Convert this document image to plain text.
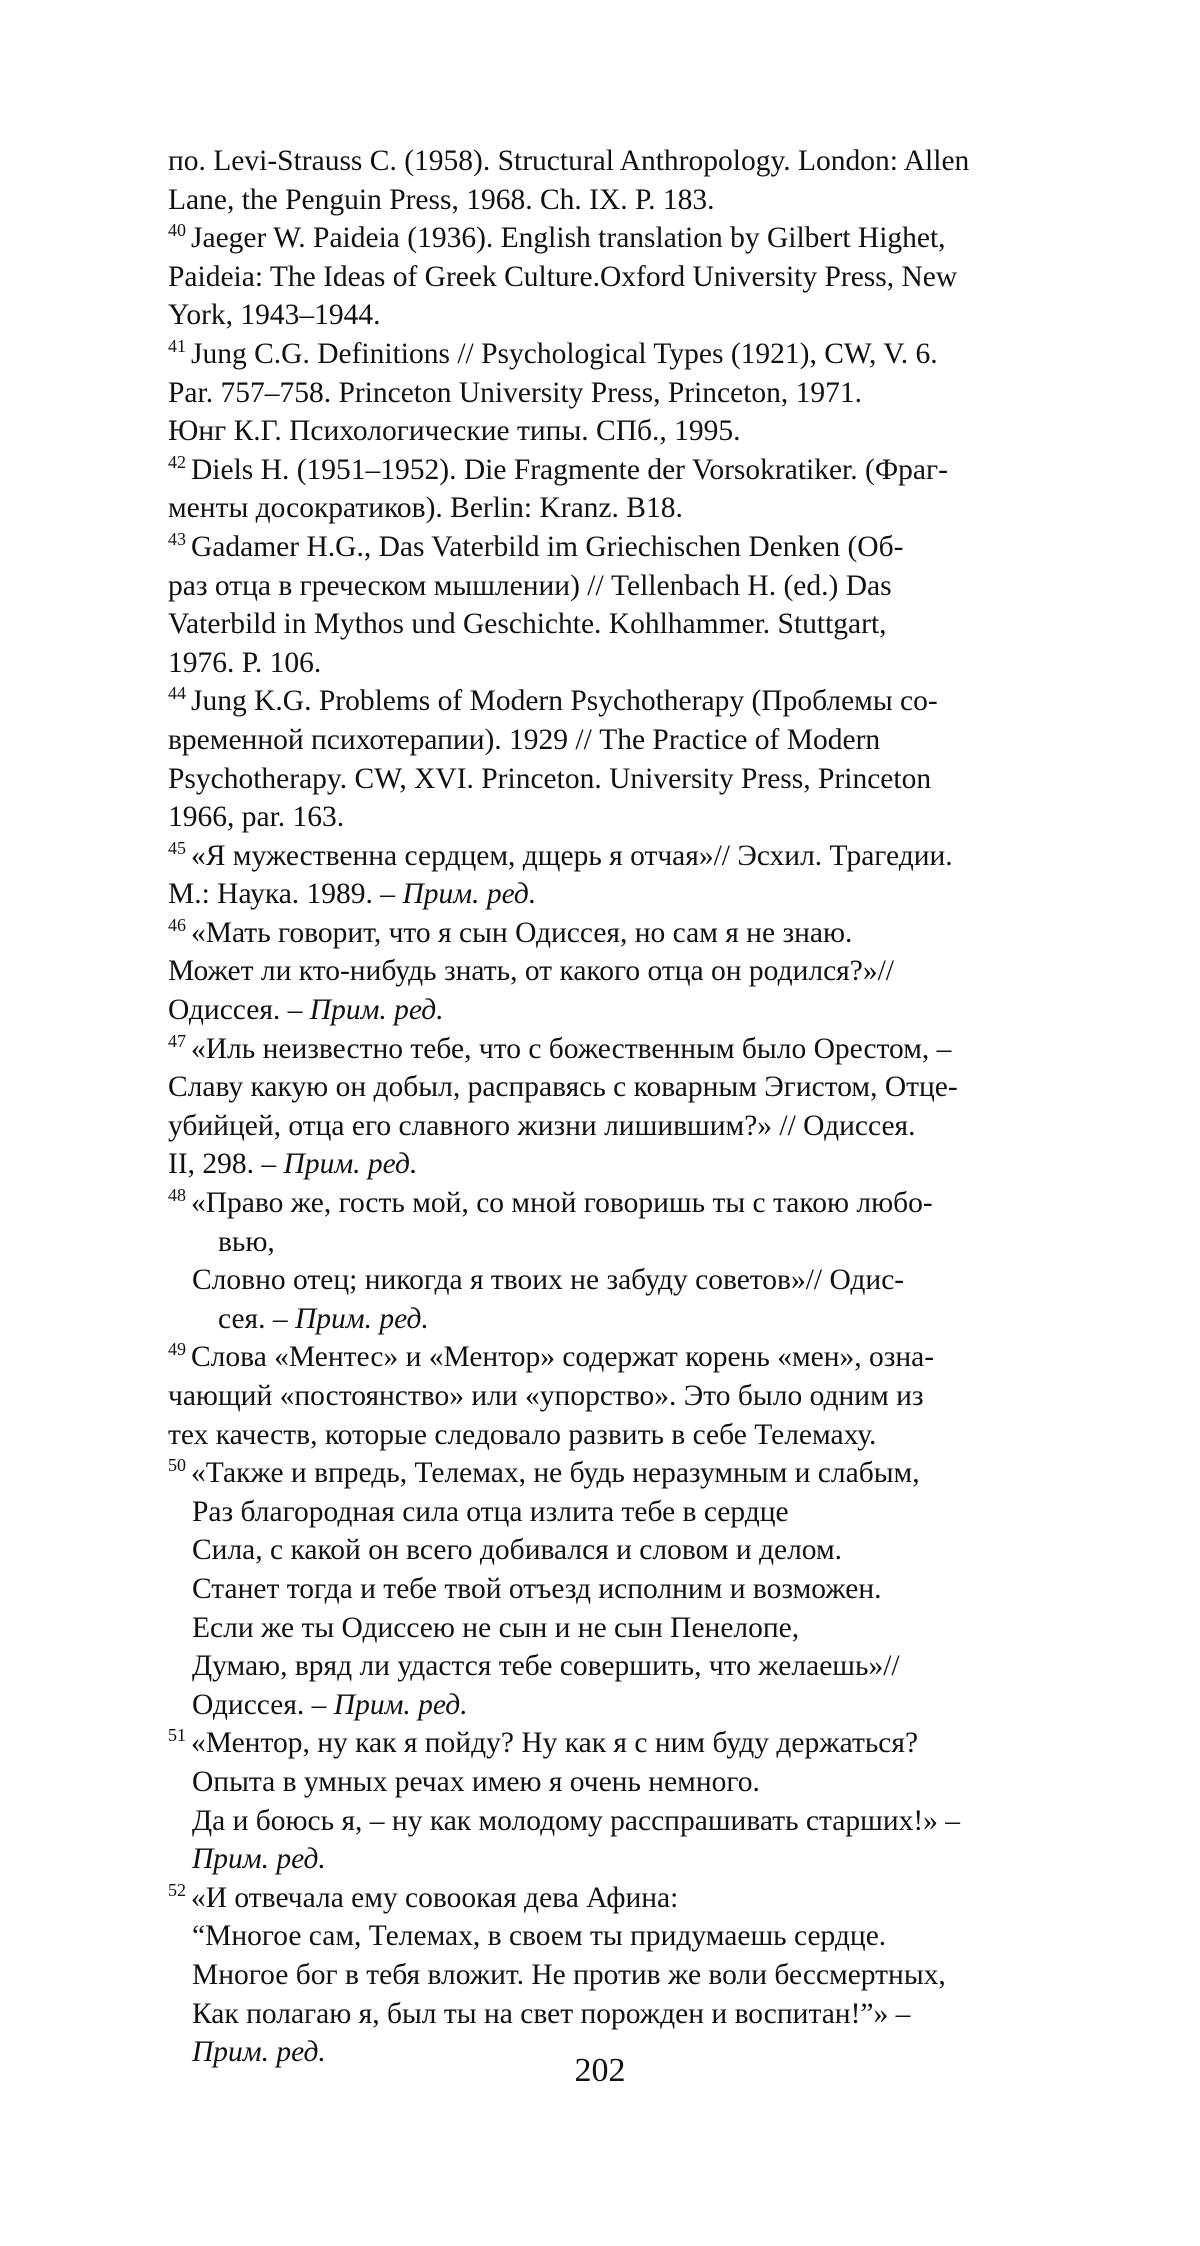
по. Levi-Strauss C. (1958). Structural Anthropology. London: Allen
Lane, the Penguin Press, 1968. Ch. IX. P. 183.

40 Jaeger W. Paideia (1936). English translation by Gilbert Highet,
Paideia: The Ideas of Greek Culture.Oxford University Press, New
York, 1943–1944.

41 Jung C.G. Definitions // Psychological Types (1921), CW, V. 6.
Par. 757–758. Princeton University Press, Princeton, 1971.
Юнг К.Г. Психологические типы. СПб., 1995.

42 Diels H. (1951–1952). Die Fragmente der Vorsokratiker. (Фраг-
менты досократиков). Berlin: Kranz. B18.

43 Gadamer H.G., Das Vaterbild im Griechischen Denken (Об-
раз отца в греческом мышлении) // Tellenbach H. (ed.) Das
Vaterbild in Mythos und Geschichte. Kohlhammer. Stuttgart,
1976. P. 106.

44 Jung K.G. Problems of Modern Psychotherapy (Проблемы со-
временной психотерапии). 1929 // The Practice of Modern
Psychotherapy. CW, XVI. Princeton. University Press, Princeton
1966, par. 163.

45 «Я мужественна сердцем, дщерь я отчая»// Эсхил. Трагедии.
М.: Наука. 1989. – Прим. ред.

46 «Мать говорит, что я сын Одиссея, но сам я не знаю.
Может ли кто-нибудь знать, от какого отца он родился?»//
Одиссея. – Прим. ред.

47 «Иль неизвестно тебе, что с божественным было Орестом, –
Славу какую он добыл, расправясь с коварным Эгистом, Отце-
убийцей, отца его славного жизни лишившим?» // Одиссея.
II, 298. – Прим. ред.

48 «Право же, гость мой, со мной говоришь ты с такою любо-
вью,
Словно отец; никогда я твоих не забуду советов»// Одис-
сея. – Прим. ред.

49 Слова «Ментес» и «Ментор» содержат корень «мен», озна-
чающий «постоянство» или «упорство». Это было одним из
тех качеств, которые следовало развить в себе Телемаху.

50 «Также и впредь, Телемах, не будь неразумным и слабым,
Раз благородная сила отца излита тебе в сердце
Сила, с какой он всего добивался и словом и делом.
Станет тогда и тебе твой отъезд исполним и возможен.
Если же ты Одиссею не сын и не сын Пенелопе,
Думаю, вряд ли удастся тебе совершить, что желаешь»//
Одиссея. – Прим. ред.

51 «Ментор, ну как я пойду? Ну как я с ним буду держаться?
Опыта в умных речах имею я очень немного.
Да и боюсь я, – ну как молодому расспрашивать старших!» –
Прим. ред.

52 «И отвечала ему совоокая дева Афина:
“Многое сам, Телемах, в своем ты придумаешь сердце.
Многое бог в тебя вложит. Не против же воли бессмертных,
Как полагаю я, был ты на свет порожден и воспитан!”» –
Прим. ред.	202
